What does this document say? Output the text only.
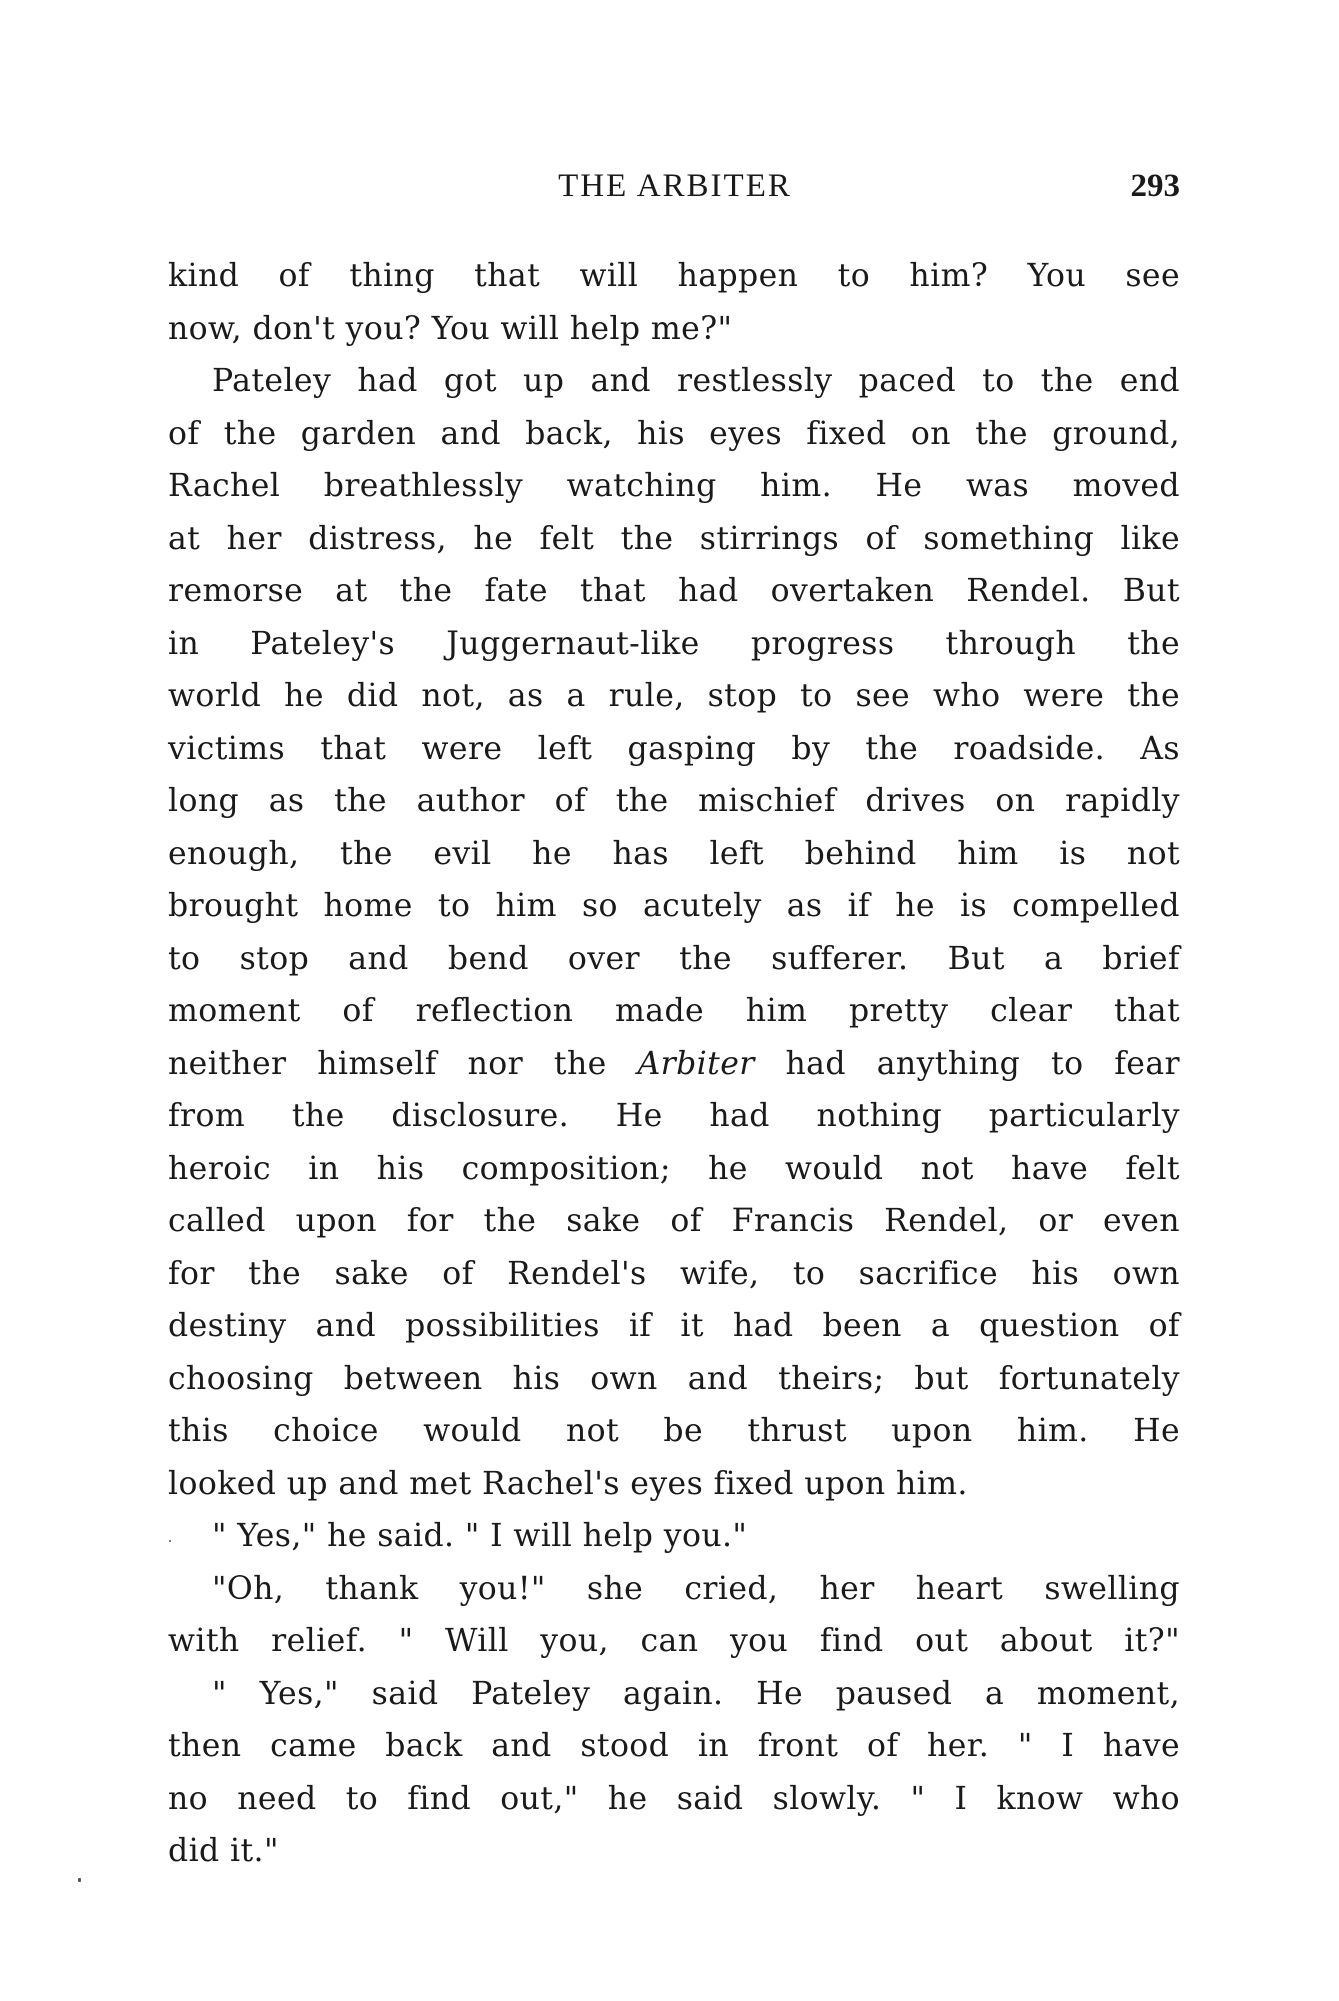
THE ARBITER	293
kind of thing that will happen to him? You see
now, don't you? You will help me?"
Pateley had got up and restlessly paced to the end
of the garden and back, his eyes fixed on the ground,
Rachel breathlessly watching him. He was moved
at her distress, he felt the stirrings of something like
remorse at the fate that had overtaken Rendel. But
in Pateley's Juggernaut-like progress through the
world he did not, as a rule, stop to see who were the
victims that were left gasping by the roadside. As
long as the author of the mischief drives on rapidly
enough, the evil he has left behind him is not
brought home to him so acutely as if he is compelled
to stop and bend over the sufferer. But a brief
moment of reflection made him pretty clear that
neither himself nor the Arbiter had anything to fear
from the disclosure. He had nothing particularly
heroic in his composition; he would not have felt
called upon for the sake of Francis Rendel, or even
for the sake of Rendel's wife, to sacrifice his own
destiny and possibilities if it had been a question of
choosing between his own and theirs; but fortunately
this choice would not be thrust upon him. He
looked up and met Rachel's eyes fixed upon him.
" Yes," he said. " I will help you."
"Oh, thank you!" she cried, her heart swelling
with relief. " Will you, can you find out about it?"
" Yes," said Pateley again. He paused a moment,
then came back and stood in front of her. " I have
no need to find out," he said slowly. " I know who
did it."
